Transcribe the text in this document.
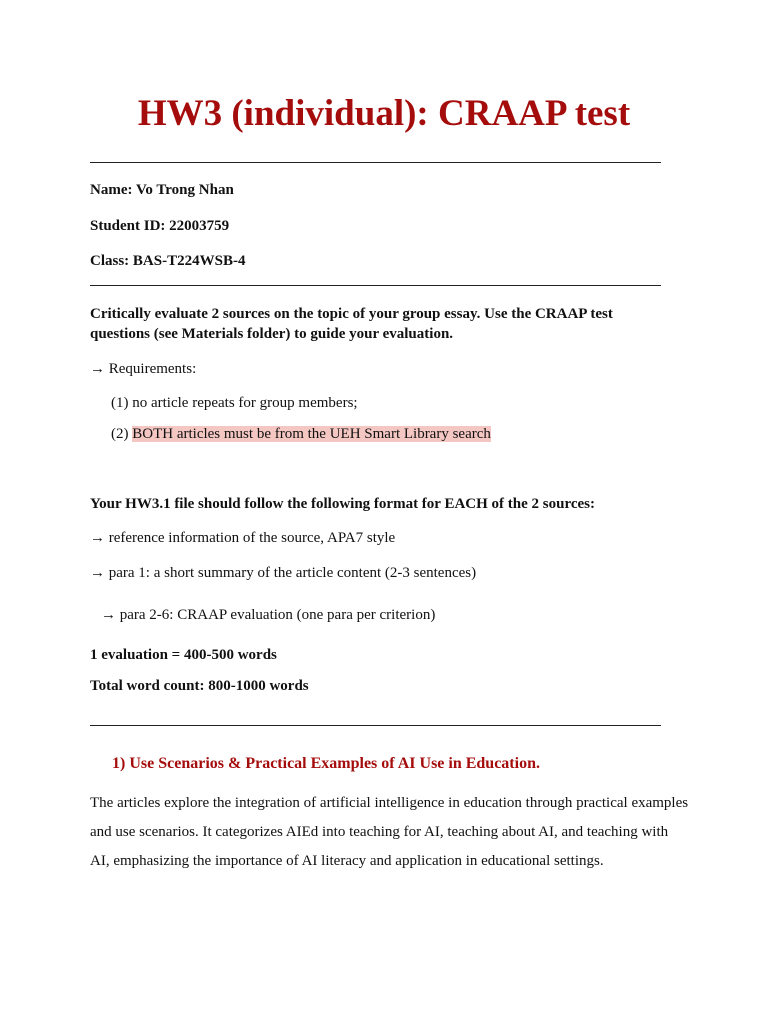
HW3 (individual): CRAAP test
Name: Vo Trong Nhan
Student ID: 22003759
Class: BAS-T224WSB-4
Critically evaluate 2 sources on the topic of your group essay. Use the CRAAP test questions (see Materials folder) to guide your evaluation.
→ Requirements:
(1) no article repeats for group members;
(2) BOTH articles must be from the UEH Smart Library search
Your HW3.1 file should follow the following format for EACH of the 2 sources:
→ reference information of the source, APA7 style
→ para 1: a short summary of the article content (2-3 sentences)
→ para 2-6: CRAAP evaluation (one para per criterion)
1 evaluation = 400-500 words
Total word count: 800-1000 words
1) Use Scenarios & Practical Examples of AI Use in Education.
The articles explore the integration of artificial intelligence in education through practical examples and use scenarios. It categorizes AIEd into teaching for AI, teaching about AI, and teaching with AI, emphasizing the importance of AI literacy and application in educational settings.
